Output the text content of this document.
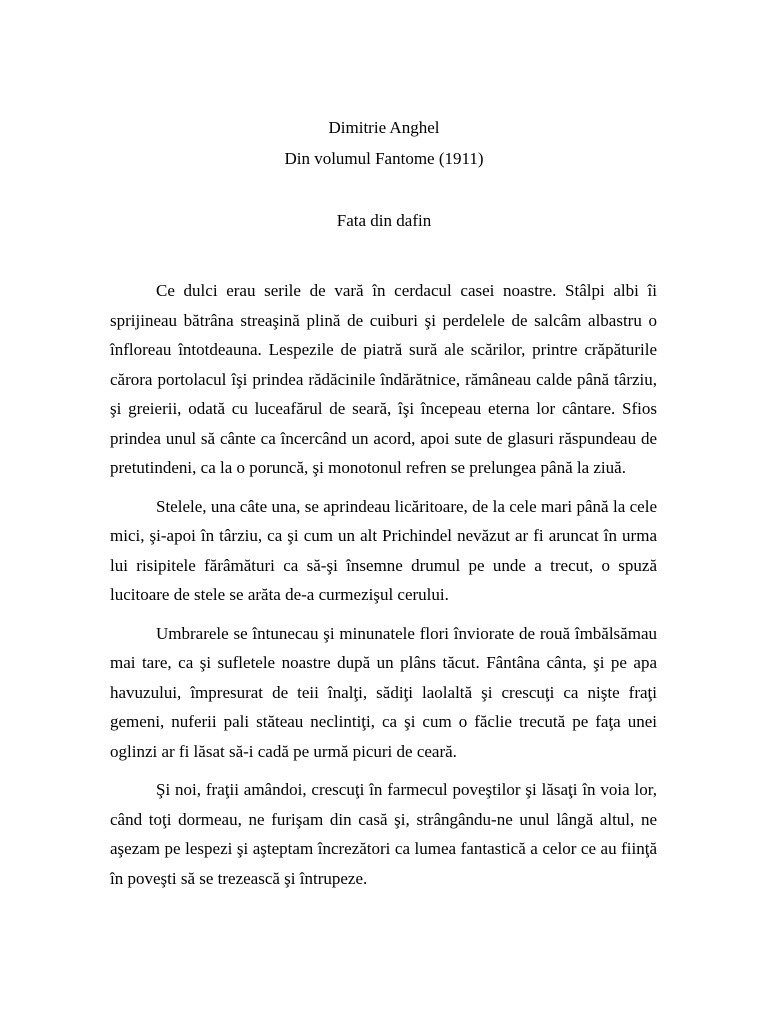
Dimitrie Anghel
Din volumul Fantome (1911)
Fata din dafin

Ce dulci erau serile de vară în cerdacul casei noastre. Stâlpi albi îi sprijineau bătrâna streaşină plină de cuiburi şi perdelele de salcâm albastru o înfloreau întotdeauna. Lespezile de piatră sură ale scărilor, printre crăpăturile cărora portolacul îşi prindea rădăcinile îndărătnice, rămâneau calde până târziu, şi greierii, odată cu luceafărul de seară, îşi începeau eterna lor cântare. Sfios prindea unul să cânte ca încercând un acord, apoi sute de glasuri răspundeau de pretutindeni, ca la o poruncă, şi monotonul refren se prelungea până la ziuă.

Stelele, una câte una, se aprindeau licăritoare, de la cele mari până la cele mici, şi-apoi în târziu, ca şi cum un alt Prichindel nevăzut ar fi aruncat în urma lui risipitele fărâmături ca să-şi însemne drumul pe unde a trecut, o spuză lucitoare de stele se arăta de-a curmezişul cerului.

Umbrarele se întunecau şi minunatele flori înviorate de rouă îmbălsămau mai tare, ca şi sufletele noastre după un plâns tăcut. Fântâna cânta, şi pe apa havuzului, împresurat de teii înalţi, sădiţi laolaltă şi crescuţi ca nişte fraţi gemeni, nuferii pali stăteau neclintiţi, ca şi cum o făclie trecută pe faţa unei oglinzi ar fi lăsat să-i cadă pe urmă picuri de ceară.

Şi noi, fraţii amândoi, crescuţi în farmecul poveştilor şi lăsaţi în voia lor, când toţi dormeau, ne furişam din casă şi, strângându-ne unul lângă altul, ne aşezam pe lespezi şi aşteptam încrezători ca lumea fantastică a celor ce au fiinţă în poveşti să se trezească şi întrupeze.
